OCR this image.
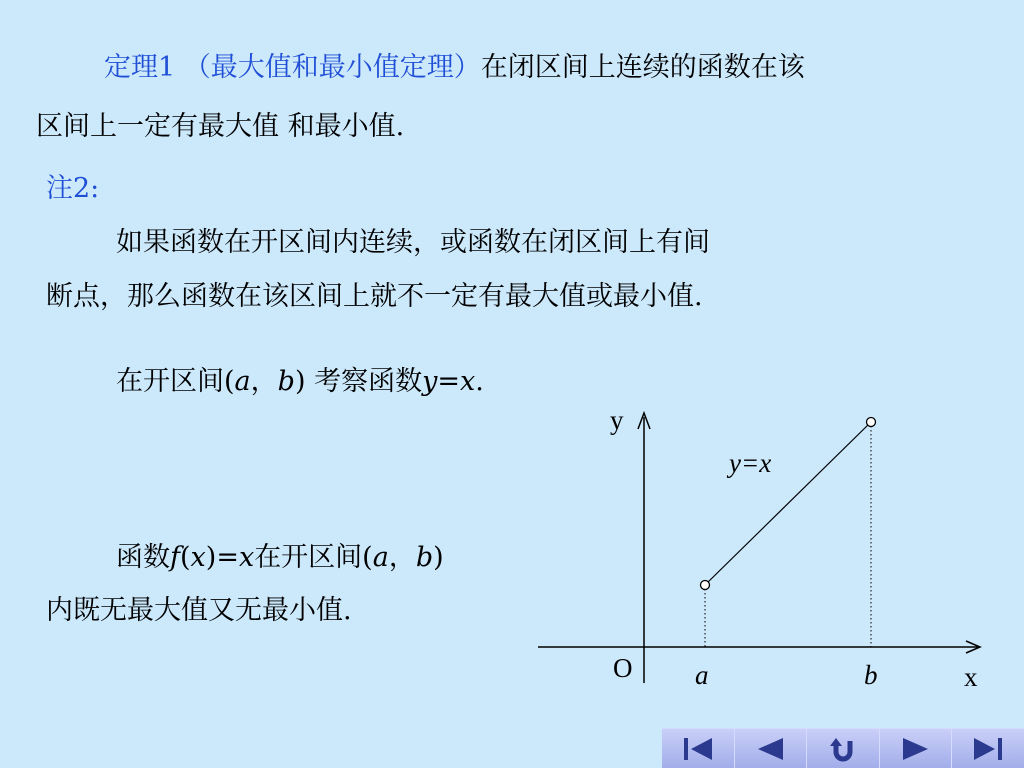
定理1 （最大值和最小值定理）在闭区间上连续的函数在该
区间上一定有最大值 和最小值.
注2:
如果函数在开区间内连续，或函数在闭区间上有间
断点，那么函数在该区间上就不一定有最大值或最小值.
在开区间(a，b) 考察函数y=x.
函数f(x)=x在开区间(a，b)
内既无最大值又无最小值.
y
x
O a	b
y=x
